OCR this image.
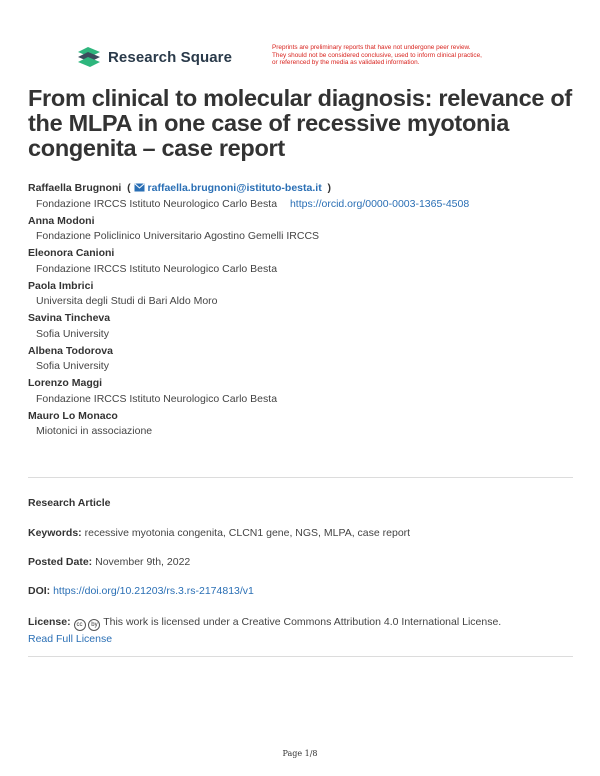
Research Square
Preprints are preliminary reports that have not undergone peer review.
They should not be considered conclusive, used to inform clinical practice,
or referenced by the media as validated information.
From clinical to molecular diagnosis: relevance of the MLPA in one case of recessive myotonia congenita – case report
Raffaella Brugnoni  (  raffaella.brugnoni@istituto-besta.it  )
Fondazione IRCCS Istituto Neurologico Carlo Besta https://orcid.org/0000-0003-1365-4508
Anna Modoni
Fondazione Policlinico Universitario Agostino Gemelli IRCCS
Eleonora Canioni
Fondazione IRCCS Istituto Neurologico Carlo Besta
Paola Imbrici
Universita degli Studi di Bari Aldo Moro
Savina Tincheva
Sofia University
Albena Todorova
Sofia University
Lorenzo Maggi
Fondazione IRCCS Istituto Neurologico Carlo Besta
Mauro Lo Monaco
Miotonici in associazione
Research Article
Keywords: recessive myotonia congenita, CLCN1 gene, NGS, MLPA, case report
Posted Date: November 9th, 2022
DOI: https://doi.org/10.21203/rs.3.rs-2174813/v1
License: cc by This work is licensed under a Creative Commons Attribution 4.0 International License.
Read Full License
Page 1/8
